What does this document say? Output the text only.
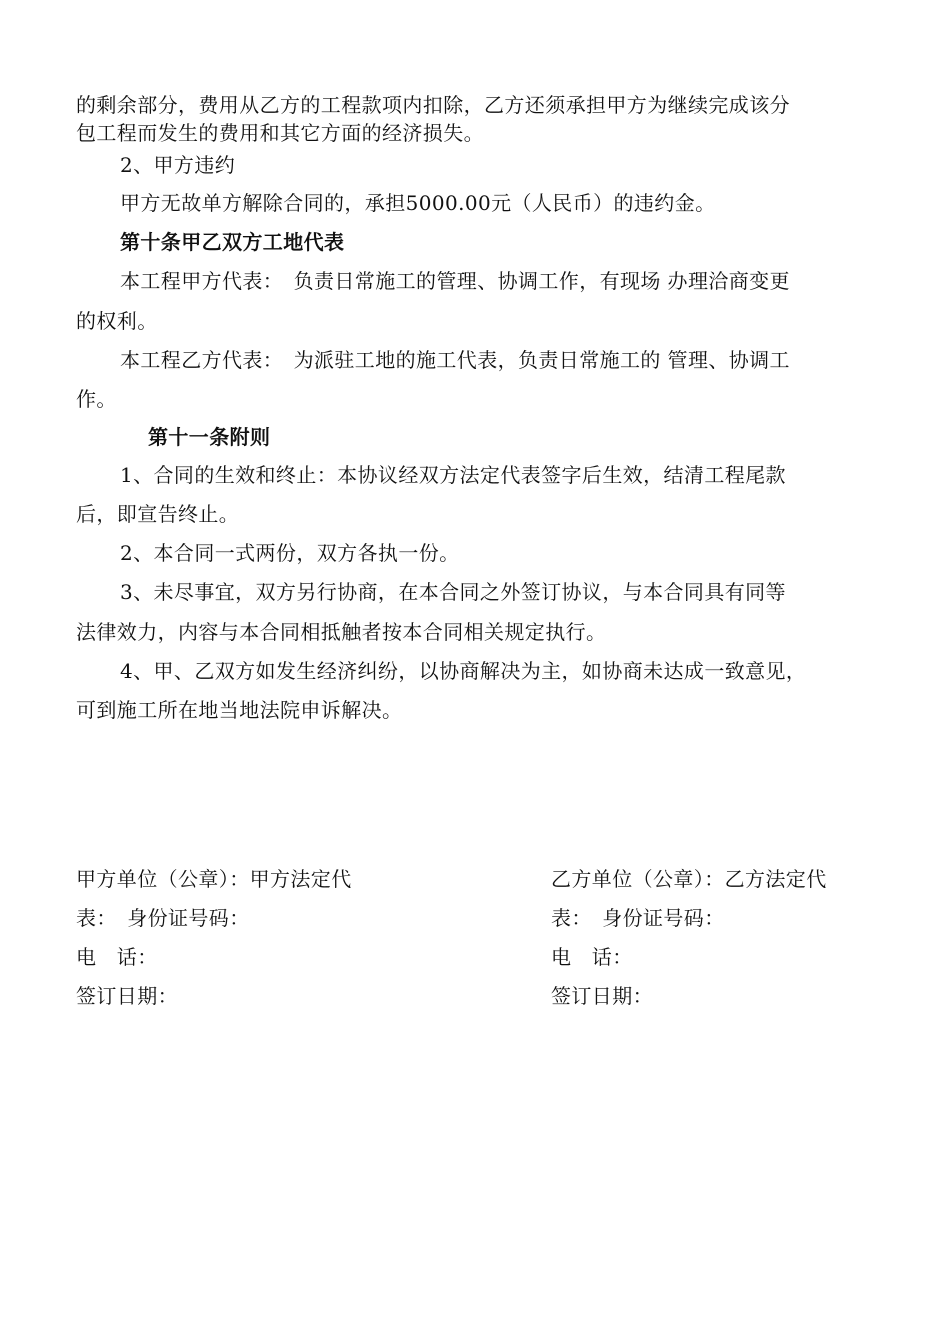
的剩余部分，费用从乙方的工程款项内扣除，乙方还须承担甲方为继续完成该分
包工程而发生的费用和其它方面的经济损失。
2、甲方违约
甲方无故单方解除合同的，承担5000.00元（人民币）的违约金。
第十条甲乙双方工地代表
本工程甲方代表：　负责日常施工的管理、协调工作，有现场 办理洽商变更
的权利。
本工程乙方代表：　为派驻工地的施工代表，负责日常施工的 管理、协调工
作。
第十一条附则
1、合同的生效和终止：本协议经双方法定代表签字后生效，结清工程尾款
后，即宣告终止。
2、本合同一式两份，双方各执一份。
3、未尽事宜，双方另行协商，在本合同之外签订协议，与本合同具有同等
法律效力，内容与本合同相抵触者按本合同相关规定执行。
4、甲、乙双方如发生经济纠纷，以协商解决为主，如协商未达成一致意见，
可到施工所在地当地法院申诉解决。
甲方单位（公章）：甲方法定代
表：　身份证号码：
电　话：
签订日期：
乙方单位（公章）：乙方法定代
表：　身份证号码：
电　话：
签订日期：
